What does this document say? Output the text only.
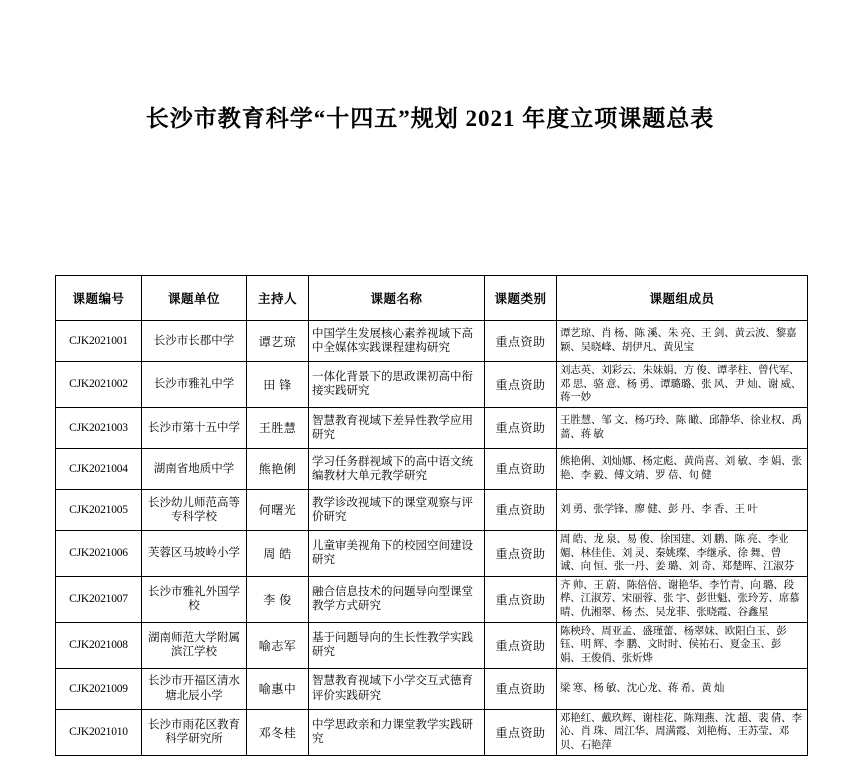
长沙市教育科学“十四五”规划 2021 年度立项课题总表
课题编号	课题单位	主持人	课题名称	课题类别	课题组成员
CJK2021001	长沙市长郡中学	谭艺琼	中国学生发展核心素养视域下高中全媒体实践课程建构研究	重点资助	谭艺琼、肖 杨、陈 溪、朱 亮、王 剑、黄云波、黎嘉颖、吴晓峰、胡伊凡、黄见宝
CJK2021002	长沙市雅礼中学	田 锋	一体化背景下的思政课初高中衔接实践研究	重点资助	刘志英、刘彩云、朱妹娟、方 俊、谭孝柱、曾代军、邓 思、骆 意、杨 勇、谭璐璐、张 风、尹 灿、谢 威、蒋一妙
CJK2021003	长沙市第十五中学	王胜慧	智慧教育视域下差异性教学应用研究	重点资助	王胜慧、邹 文、杨巧玲、陈 瞰、邱静华、徐业权、禹 蔷、蒋 敏
CJK2021004	湖南省地质中学	熊艳俐	学习任务群视域下的高中语文统编教材大单元教学研究	重点资助	熊艳俐、刘灿娜、杨定彪、黄尚喜、刘 敏、李 娟、张 艳、李 毅、傅文靖、罗 蓓、旬 健
CJK2021005	长沙幼儿师范高等专科学校	何曙光	教学诊改视域下的课堂观察与评价研究	重点资助	刘 勇、张学锋、廖 健、彭 丹、李 香、王 叶
CJK2021006	芙蓉区马坡岭小学	周 皓	儿童审美视角下的校园空间建设研究	重点资助	周 皓、龙 泉、易 俊、徐国建、刘 鹏、陈 亮、李业媚、林佳佳、刘 灵、秦姚璨、李继承、徐 舞、曾 诚、向 恒、张一丹、姜 璐、刘 奇、郑楚晖、江淑芬
CJK2021007	长沙市雅礼外国学校	李 俊	融合信息技术的问题导向型课堂教学方式研究	重点资助	齐 帅、王 蔚、陈倍倍、谢艳华、李竹青、向 璐、段 桦、江淑芳、宋丽蓉、张 宇、彭世魁、张玲芳、席慕晴、仇湘翠、杨 杰、吴龙菲、张晓霞、谷鑫星
CJK2021008	湖南师范大学附属滨江学校	喻志军	基于问题导向的生长性教学实践研究	重点资助	陈秧玲、周亚孟、盛瑾蕾、杨翠妹、欧阳白玉、彭 钰、明 辉、李 鹏、文时时、侯祐石、夏金玉、彭 娟、王俊俏、张炘烨
CJK2021009	长沙市开福区清水塘北辰小学	喻惠中	智慧教育视域下小学交互式德育评价实践研究	重点资助	梁 寒、杨 敏、沈心龙、蒋 希、黄 灿
CJK2021010	长沙市雨花区教育科学研究所	邓冬桂	中学思政亲和力课堂教学实践研究	重点资助	邓艳红、戴玖辉、谢桂花、陈翔燕、沈 超、裴 倩、李 沁、肖 珠、周江华、周满霞、刘艳梅、王苏莹、邓 贝、石艳萍
